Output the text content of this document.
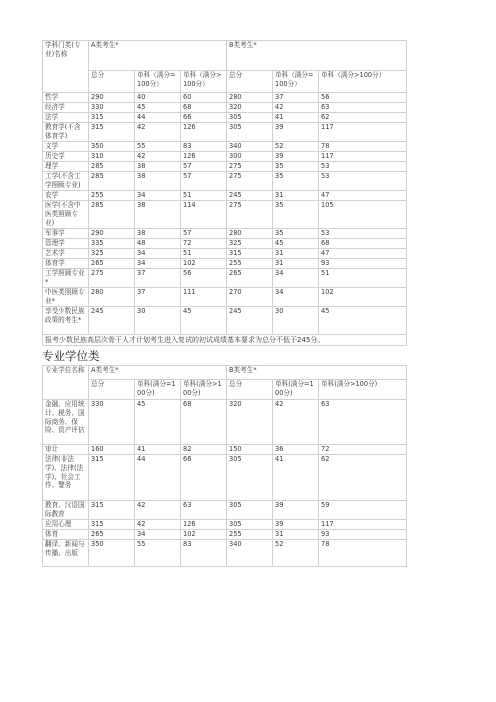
学科门类(专业)名称	A类考生*			B类考生*		
	总分	单科（满分=100分）	单科（满分>100分）	总分	单科（满分=100分）	单科（满分>100分）
哲学	290	40	60	280	37	56
经济学	330	45	68	320	42	63
法学	315	44	66	305	41	62
教育学(不含体育学)	315	42	126	305	39	117
文学	350	55	83	340	52	78
历史学	310	42	126	300	39	117
理学	285	38	57	275	35	53
工学(不含工学照顾专业)	285	38	57	275	35	53
农学	255	34	51	245	31	47
医学(不含中医类照顾专业)	285	38	114	275	35	105
军事学	290	38	57	280	35	53
管理学	335	48	72	325	45	68
艺术学	325	34	51	315	31	47
体育学	265	34	102	255	31	93
工学照顾专业*	275	37	56	265	34	51
中医类照顾专业*	280	37	111	270	34	102
享受少数民族政策的考生*	245	30	45	245	30	45
报考少数民族高层次骨干人才计划考生进入复试的初试成绩基本要求为总分不低于245分。						
专业学位类
专业学位名称	A类考生*			B类考生*		
	总分	单科(满分=100分)	单科(满分>100分)	总分	单科(满分=100分)	单科(满分>100分)
金融、应用统计、税务、国际商务、保险、资产评估	330	45	68	320	42	63
审计	160	41	82	150	36	72
法律(非法学)、法律(法学)、社会工作、警务	315	44	66	305	41	62
教育、汉语国际教育	315	42	63	305	39	59
应用心理	315	42	126	305	39	117
体育	265	34	102	255	31	93
翻译、新闻与传播、出版	350	55	83	340	52	78
